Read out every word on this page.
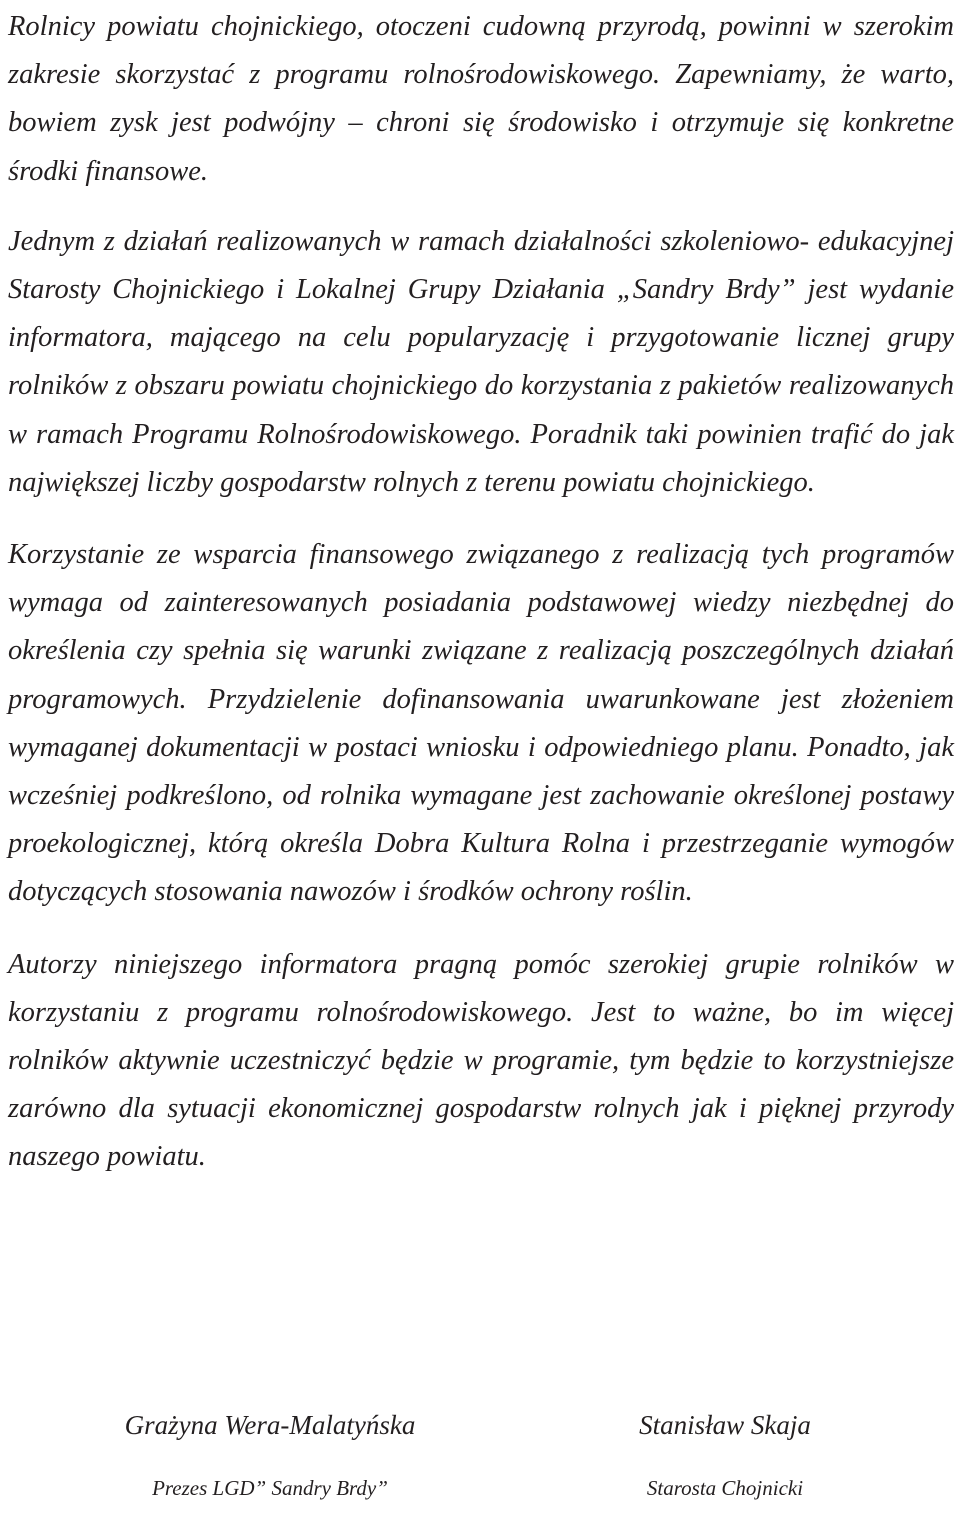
Rolnicy powiatu chojnickiego, otoczeni cudowną przyrodą, powinni w szerokim zakresie skorzystać z programu rolnośrodowiskowego. Zapewniamy, że warto, bowiem zysk jest podwójny – chroni się środowisko i otrzymuje się konkretne środki finansowe.

Jednym z działań realizowanych w ramach działalności szkoleniowo- edukacyjnej Starosty Chojnickiego i Lokalnej Grupy Działania „Sandry Brdy” jest wydanie informatora, mającego na celu popularyzację i przygotowanie licznej grupy rolników z obszaru powiatu chojnickiego do korzystania z pakietów realizowanych w ramach Programu Rolnośrodowiskowego. Poradnik taki powinien trafić do jak największej liczby gospodarstw rolnych z terenu powiatu chojnickiego.

Korzystanie ze wsparcia finansowego związanego z realizacją tych programów wymaga od zainteresowanych posiadania podstawowej wiedzy niezbędnej do określenia czy spełnia się warunki związane z realizacją poszczególnych działań programowych. Przydzielenie dofinansowania uwarunkowane jest złożeniem wymaganej dokumentacji w postaci wniosku i odpowiedniego planu. Ponadto, jak wcześniej podkreślono, od rolnika wymagane jest zachowanie określonej postawy proekologicznej, którą określa Dobra Kultura Rolna i przestrzeganie wymogów dotyczących stosowania nawozów i środków ochrony roślin.

Autorzy niniejszego informatora pragną pomóc szerokiej grupie rolników w korzystaniu z programu rolnośrodowiskowego. Jest to ważne, bo im więcej rolników aktywnie uczestniczyć będzie w programie, tym będzie to korzystniejsze zarówno dla sytuacji ekonomicznej gospodarstw rolnych jak i pięknej przyrody naszego powiatu.

Grażyna Wera-Malatyńska

Prezes LGD” Sandry Brdy”

Stanisław Skaja

Starosta Chojnicki
